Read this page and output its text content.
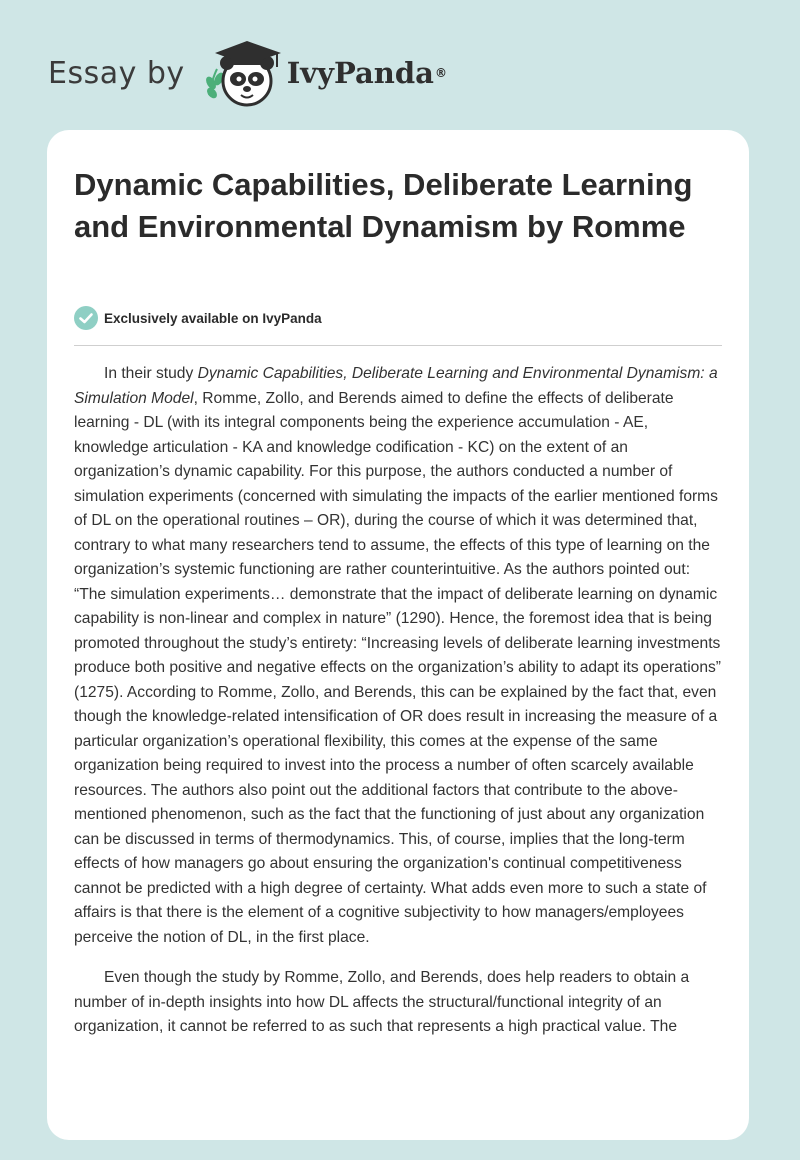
Essay by	IvyPanda ®
Dynamic Capabilities, Deliberate Learning and Environmental Dynamism by Romme
Exclusively available on IvyPanda

In their study Dynamic Capabilities, Deliberate Learning and Environmental Dynamism: a Simulation Model, Romme, Zollo, and Berends aimed to define the effects of deliberate learning - DL (with its integral components being the experience accumulation - AE, knowledge articulation - KA and knowledge codification - KC) on the extent of an organization’s dynamic capability. For this purpose, the authors conducted a number of simulation experiments (concerned with simulating the impacts of the earlier mentioned forms of DL on the operational routines – OR), during the course of which it was determined that, contrary to what many researchers tend to assume, the effects of this type of learning on the organization’s systemic functioning are rather counterintuitive. As the authors pointed out: “The simulation experiments… demonstrate that the impact of deliberate learning on dynamic capability is non-linear and complex in nature” (1290). Hence, the foremost idea that is being promoted throughout the study’s entirety: “Increasing levels of deliberate learning investments produce both positive and negative effects on the organization’s ability to adapt its operations” (1275). According to Romme, Zollo, and Berends, this can be explained by the fact that, even though the knowledge-related intensification of OR does result in increasing the measure of a particular organization’s operational flexibility, this comes at the expense of the same organization being required to invest into the process a number of often scarcely available resources. The authors also point out the additional factors that contribute to the above-mentioned phenomenon, such as the fact that the functioning of just about any organization can be discussed in terms of thermodynamics. This, of course, implies that the long-term effects of how managers go about ensuring the organization's continual competitiveness cannot be predicted with a high degree of certainty. What adds even more to such a state of affairs is that there is the element of a cognitive subjectivity to how managers/employees perceive the notion of DL, in the first place.

Even though the study by Romme, Zollo, and Berends, does help readers to obtain a number of in-depth insights into how DL affects the structural/functional integrity of an organization, it cannot be referred to as such that represents a high practical value. The
